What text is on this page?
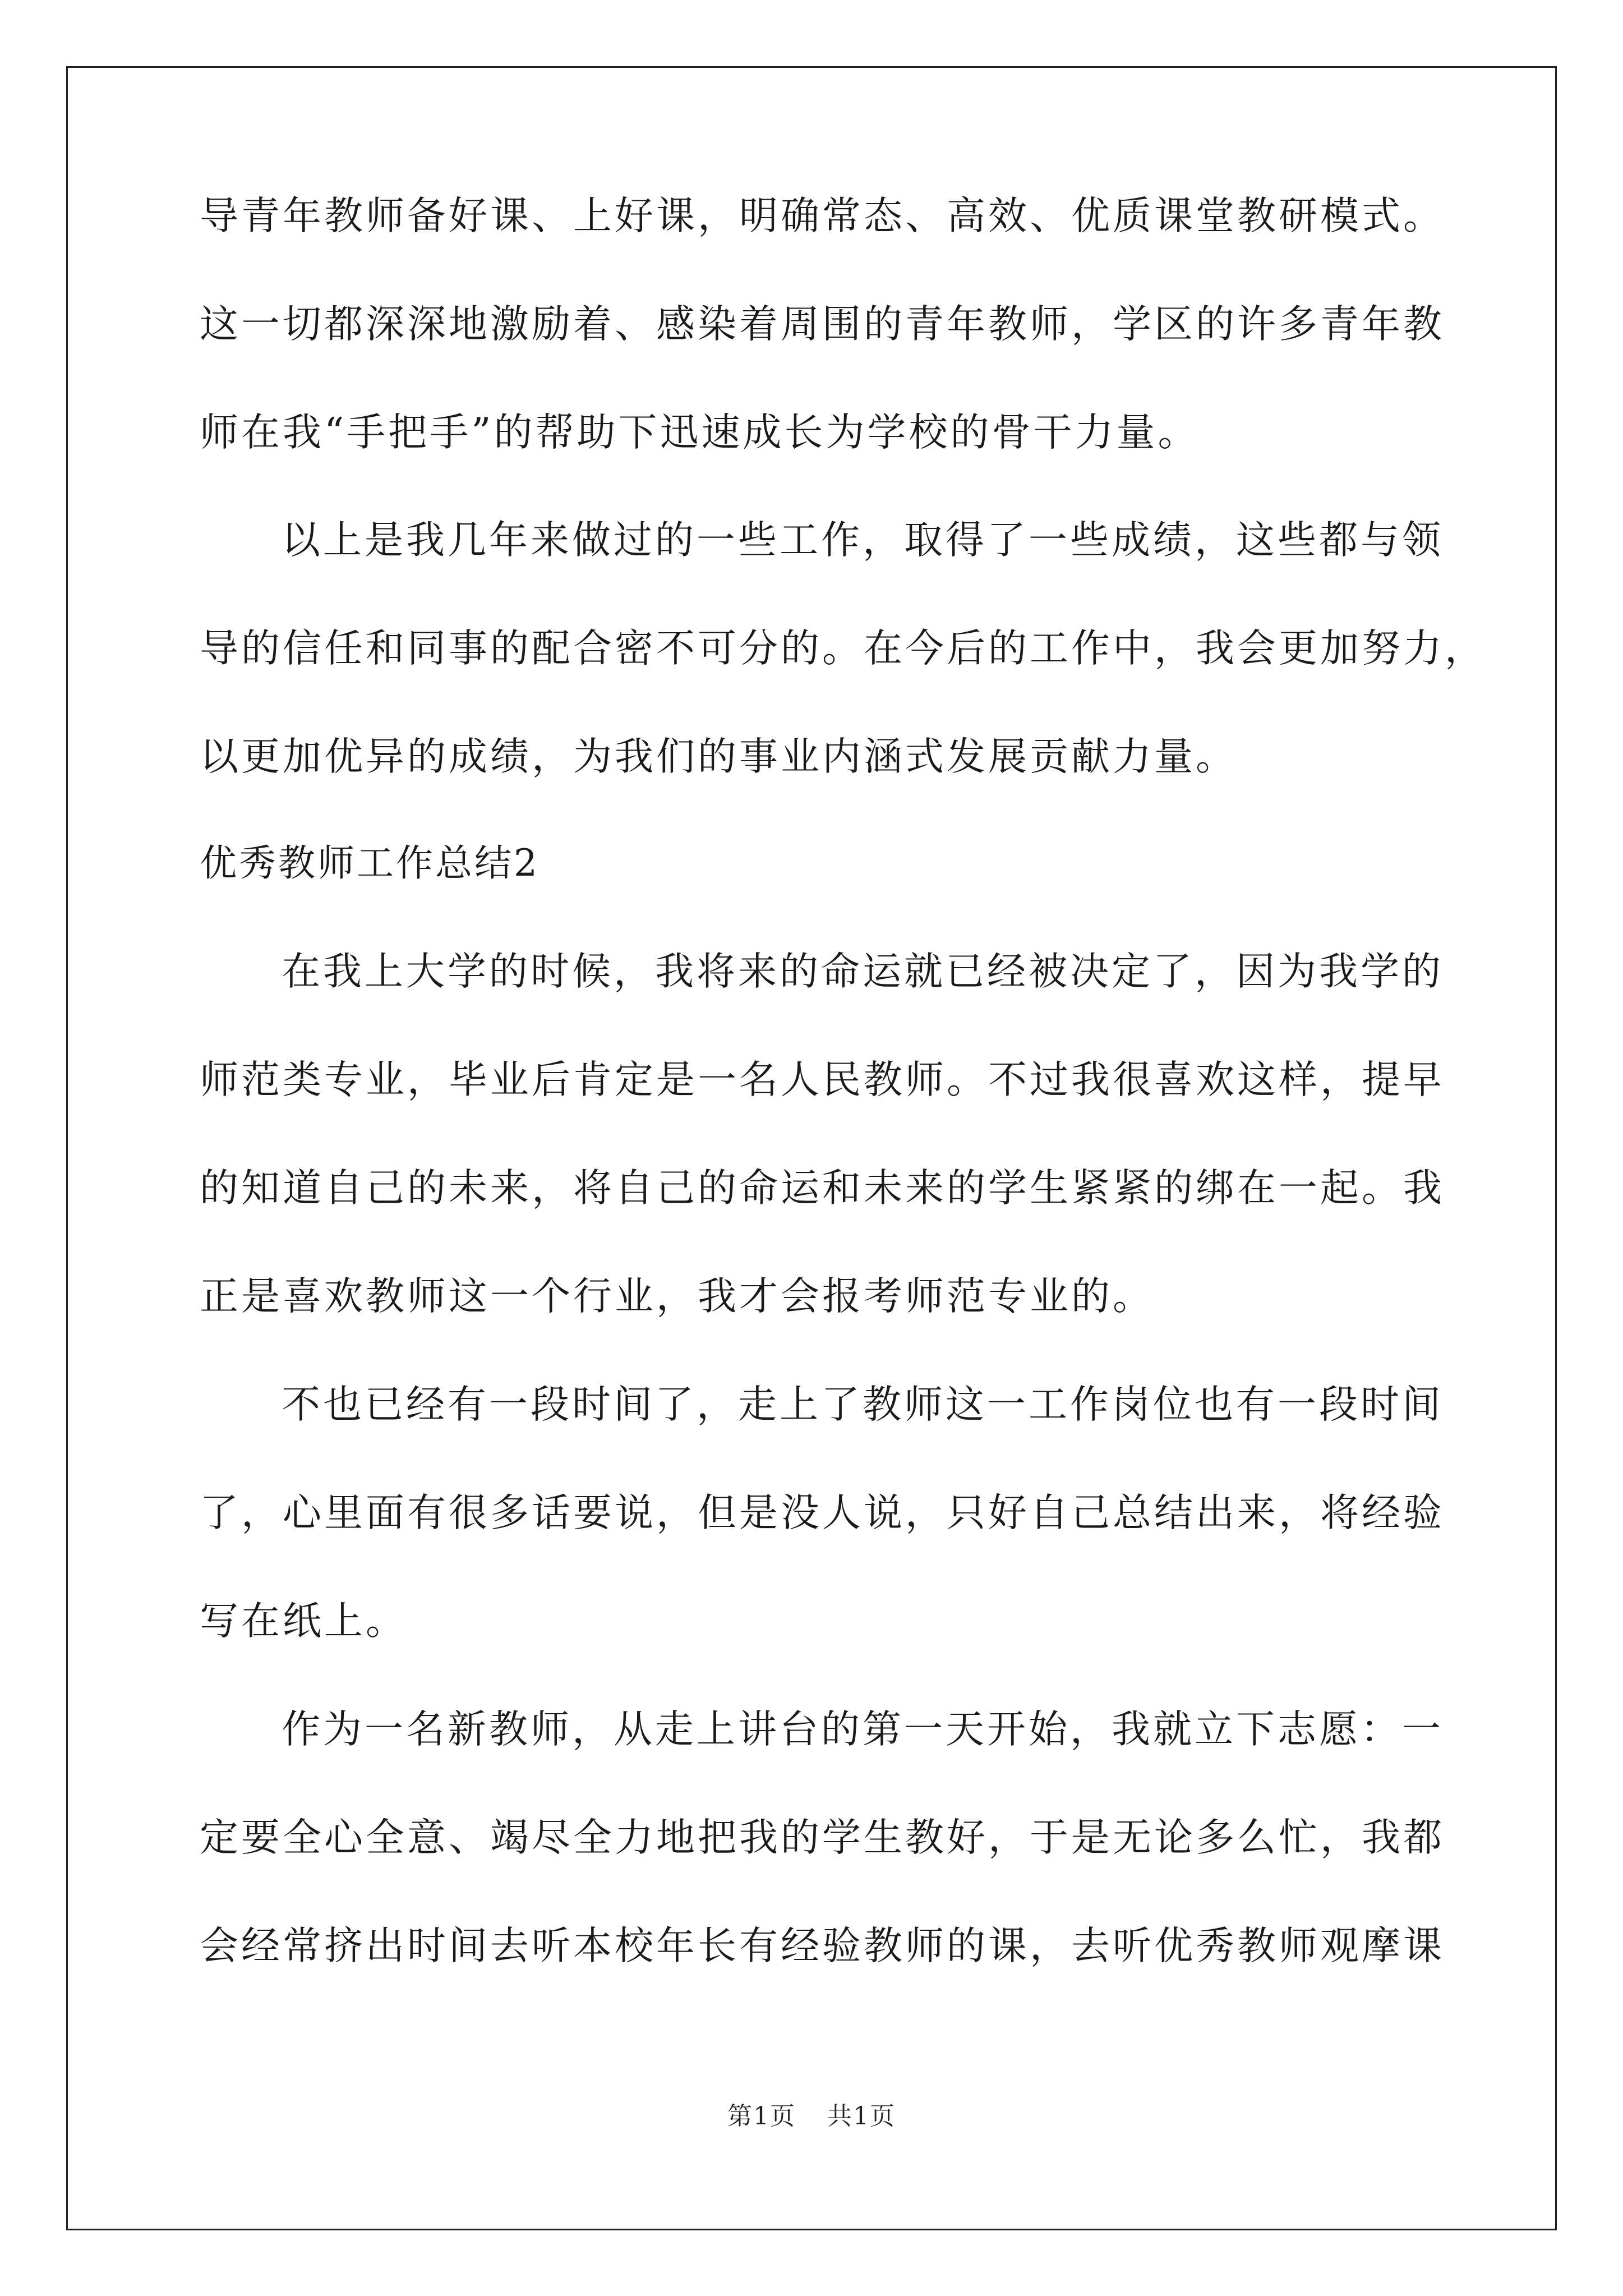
导青年教师备好课、上好课，明确常态、高效、优质课堂教研模式。
这一切都深深地激励着、感染着周围的青年教师，学区的许多青年教
师在我“手把手”的帮助下迅速成长为学校的骨干力量。
以上是我几年来做过的一些工作，取得了一些成绩，这些都与领
导的信任和同事的配合密不可分的。在今后的工作中，我会更加努力，
以更加优异的成绩，为我们的事业内涵式发展贡献力量。
优秀教师工作总结2
在我上大学的时候，我将来的命运就已经被决定了，因为我学的
师范类专业，毕业后肯定是一名人民教师。不过我很喜欢这样，提早
的知道自己的未来，将自己的命运和未来的学生紧紧的绑在一起。我
正是喜欢教师这一个行业，我才会报考师范专业的。
不也已经有一段时间了，走上了教师这一工作岗位也有一段时间
了，心里面有很多话要说，但是没人说，只好自己总结出来，将经验
写在纸上。
作为一名新教师，从走上讲台的第一天开始，我就立下志愿：一
定要全心全意、竭尽全力地把我的学生教好，于是无论多么忙，我都
会经常挤出时间去听本校年长有经验教师的课，去听优秀教师观摩课
第1页 共1页
